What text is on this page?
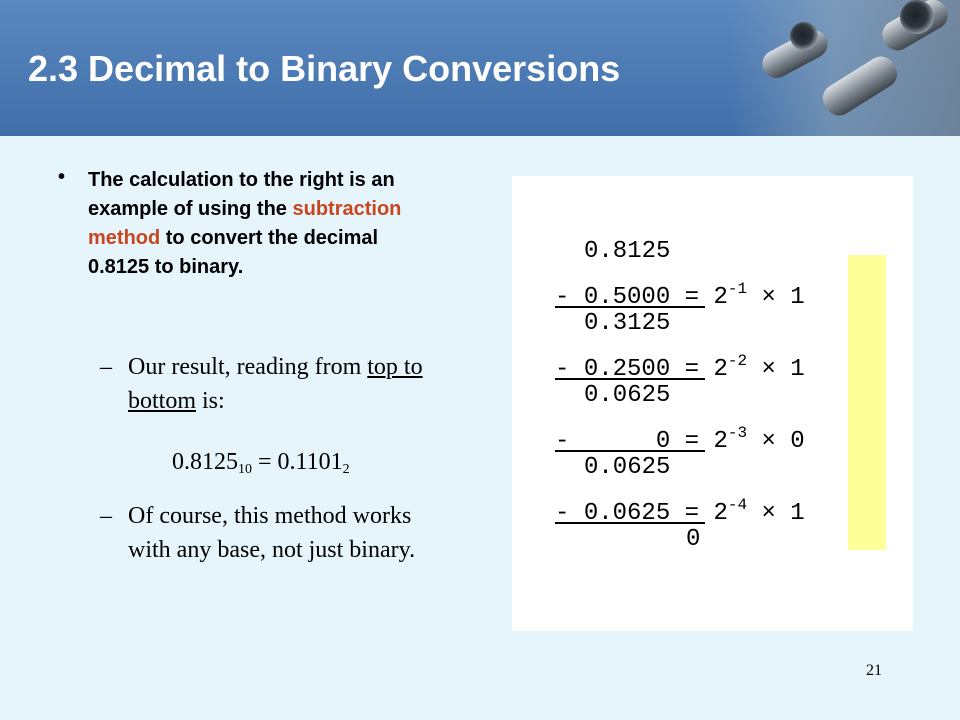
2.3 Decimal to Binary Conversions
• The calculation to the right is an example of using the subtraction method to convert the decimal 0.8125 to binary.
– Our result, reading from top to bottom is:
$0.8125_{10} = 0.1101_2$
– Of course, this method works with any base, not just binary.
0.8125
- $0.5000 = 2^{-1} \times 1$
0.3125
- $0.2500 = 2^{-2} \times 1$
0.0625
-	$0 = 2^{-3} \times 0$
0.0625
- $0.0625 = 2^{-4} \times 1$
0
21
